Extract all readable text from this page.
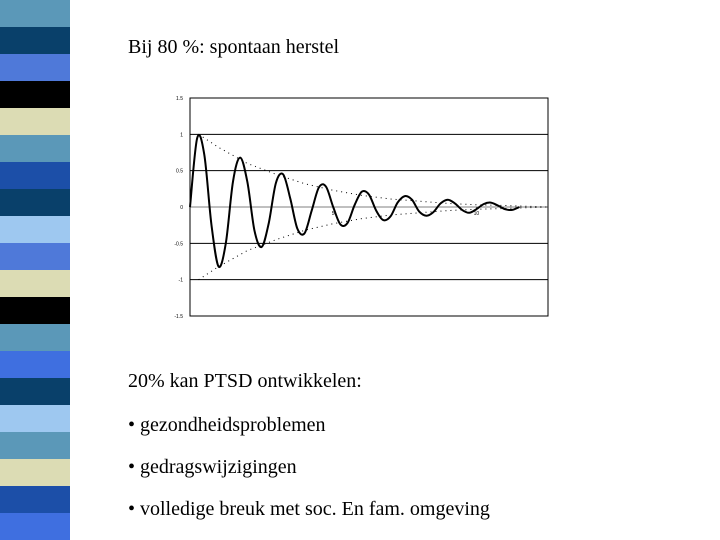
Bij 80 %: spontaan herstel
1.5
1
0.5
0
-0.5
-1
-1.5
5	10
20% kan PTSD ontwikkelen:
• gezondheidsproblemen
• gedragswijzigingen
• volledige breuk met soc. En fam. omgeving
